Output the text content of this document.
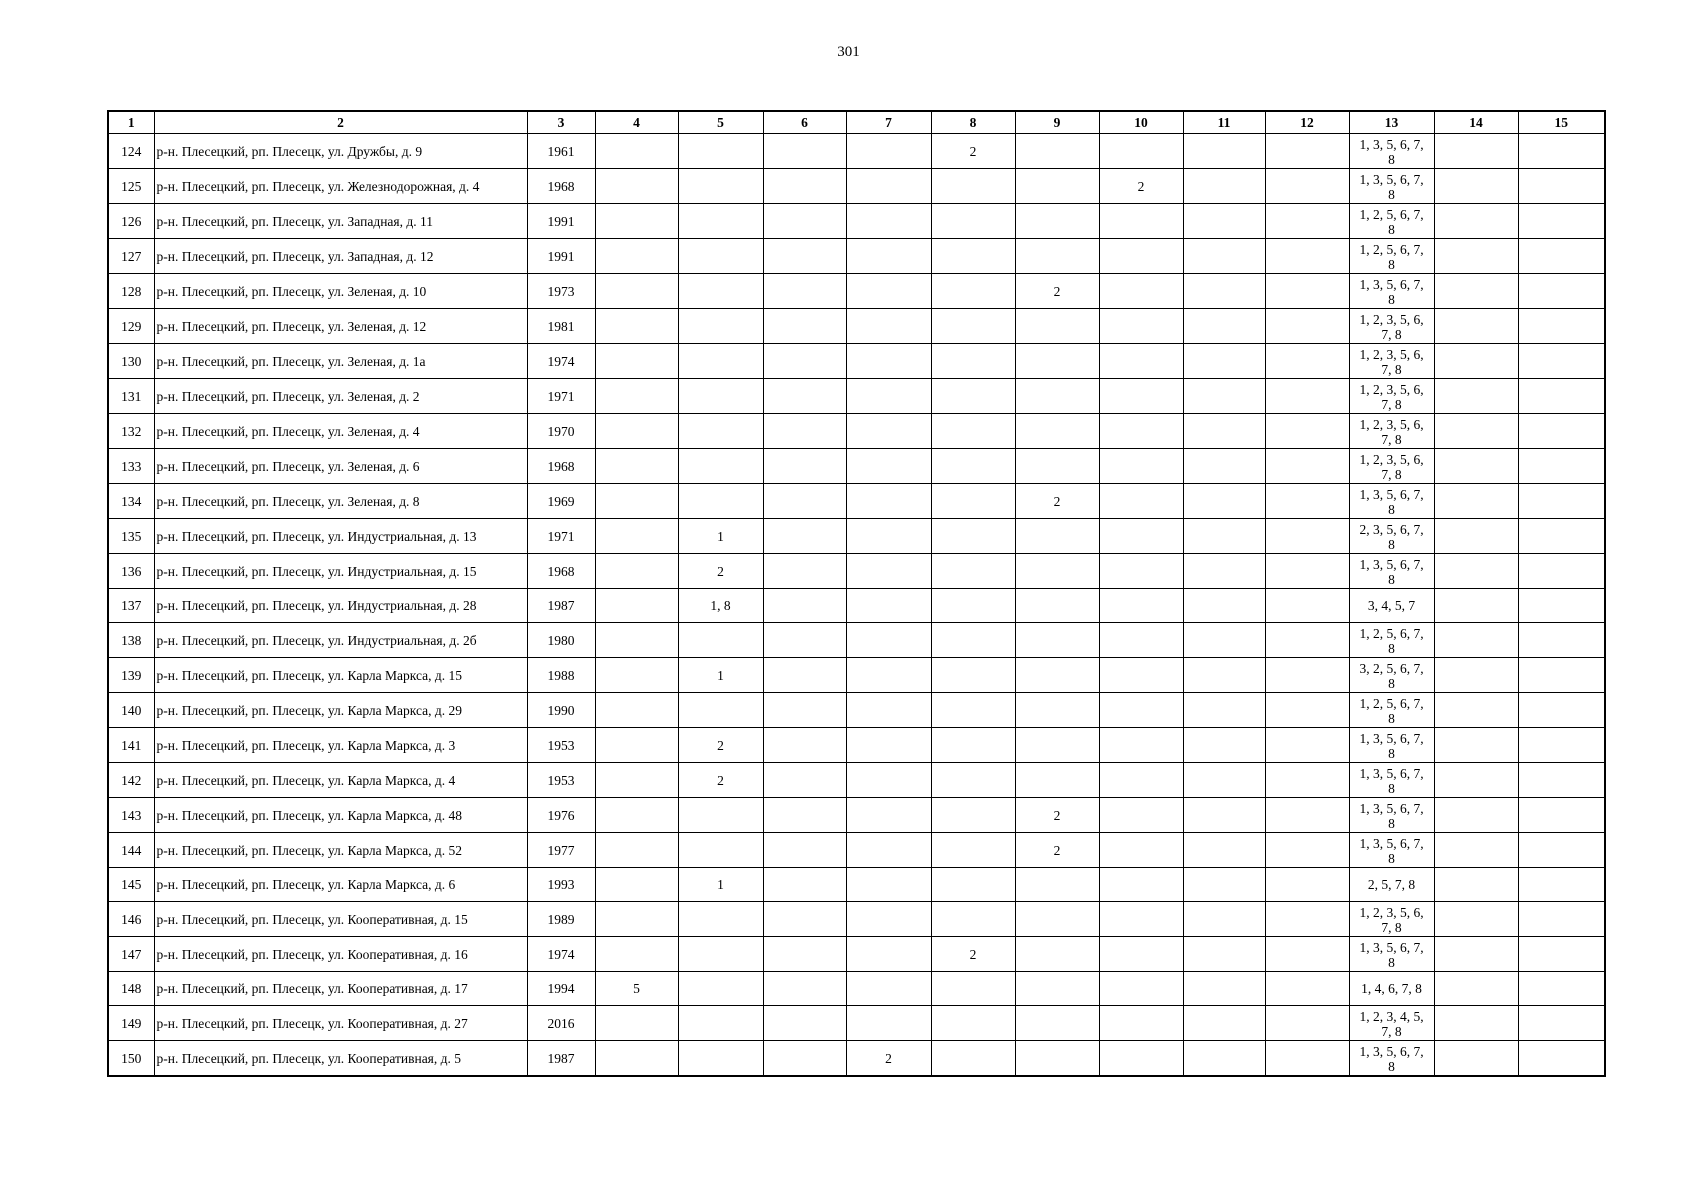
301
1	2	3	4	5	6	7	8	9	10	11	12	13	14	15
124	р-н. Плесецкий, рп. Плесецк, ул. Дружбы, д. 9	1961					2					1, 3, 5, 6, 7,
8		

125	р-н. Плесецкий, рп. Плесецк, ул. Железнодорожная, д. 4	1968							2			1, 3, 5, 6, 7,
8		

126	р-н. Плесецкий, рп. Плесецк, ул. Западная, д. 11	1991										1, 2, 5, 6, 7,
8		

127	р-н. Плесецкий, рп. Плесецк, ул. Западная, д. 12	1991										1, 2, 5, 6, 7,
8		

128	р-н. Плесецкий, рп. Плесецк, ул. Зеленая, д. 10	1973						2				1, 3, 5, 6, 7,
8		

129	р-н. Плесецкий, рп. Плесецк, ул. Зеленая, д. 12	1981										1, 2, 3, 5, 6,
7, 8		

130	р-н. Плесецкий, рп. Плесецк, ул. Зеленая, д. 1а	1974										1, 2, 3, 5, 6,
7, 8		

131	р-н. Плесецкий, рп. Плесецк, ул. Зеленая, д. 2	1971										1, 2, 3, 5, 6,
7, 8		

132	р-н. Плесецкий, рп. Плесецк, ул. Зеленая, д. 4	1970										1, 2, 3, 5, 6,
7, 8		

133	р-н. Плесецкий, рп. Плесецк, ул. Зеленая, д. 6	1968										1, 2, 3, 5, 6,
7, 8		

134	р-н. Плесецкий, рп. Плесецк, ул. Зеленая, д. 8	1969						2				1, 3, 5, 6, 7,
8		

135	р-н. Плесецкий, рп. Плесецк, ул. Индустриальная, д. 13	1971		1								2, 3, 5, 6, 7,
8		

136	р-н. Плесецкий, рп. Плесецк, ул. Индустриальная, д. 15	1968		2								1, 3, 5, 6, 7,
8		

137	р-н. Плесецкий, рп. Плесецк, ул. Индустриальная, д. 28	1987		1, 8								3, 4, 5, 7		
138	р-н. Плесецкий, рп. Плесецк, ул. Индустриальная, д. 2б	1980										1, 2, 5, 6, 7,
8		

139	р-н. Плесецкий, рп. Плесецк, ул. Карла Маркса, д. 15	1988		1								3, 2, 5, 6, 7,
8		

140	р-н. Плесецкий, рп. Плесецк, ул. Карла Маркса, д. 29	1990										1, 2, 5, 6, 7,
8		

141	р-н. Плесецкий, рп. Плесецк, ул. Карла Маркса, д. 3	1953		2								1, 3, 5, 6, 7,
8		

142	р-н. Плесецкий, рп. Плесецк, ул. Карла Маркса, д. 4	1953		2								1, 3, 5, 6, 7,
8		

143	р-н. Плесецкий, рп. Плесецк, ул. Карла Маркса, д. 48	1976						2				1, 3, 5, 6, 7,
8		

144	р-н. Плесецкий, рп. Плесецк, ул. Карла Маркса, д. 52	1977						2				1, 3, 5, 6, 7,
8		

145	р-н. Плесецкий, рп. Плесецк, ул. Карла Маркса, д. 6	1993		1								2, 5, 7, 8		
146	р-н. Плесецкий, рп. Плесецк, ул. Кооперативная, д. 15	1989										1, 2, 3, 5, 6,
7, 8		

147	р-н. Плесецкий, рп. Плесецк, ул. Кооперативная, д. 16	1974					2					1, 3, 5, 6, 7,
8		

148	р-н. Плесецкий, рп. Плесецк, ул. Кооперативная, д. 17	1994	5									1, 4, 6, 7, 8		
149	р-н. Плесецкий, рп. Плесецк, ул. Кооперативная, д. 27	2016										1, 2, 3, 4, 5,
7, 8		

150	р-н. Плесецкий, рп. Плесецк, ул. Кооперативная, д. 5	1987				2						1, 3, 5, 6, 7,
8		
